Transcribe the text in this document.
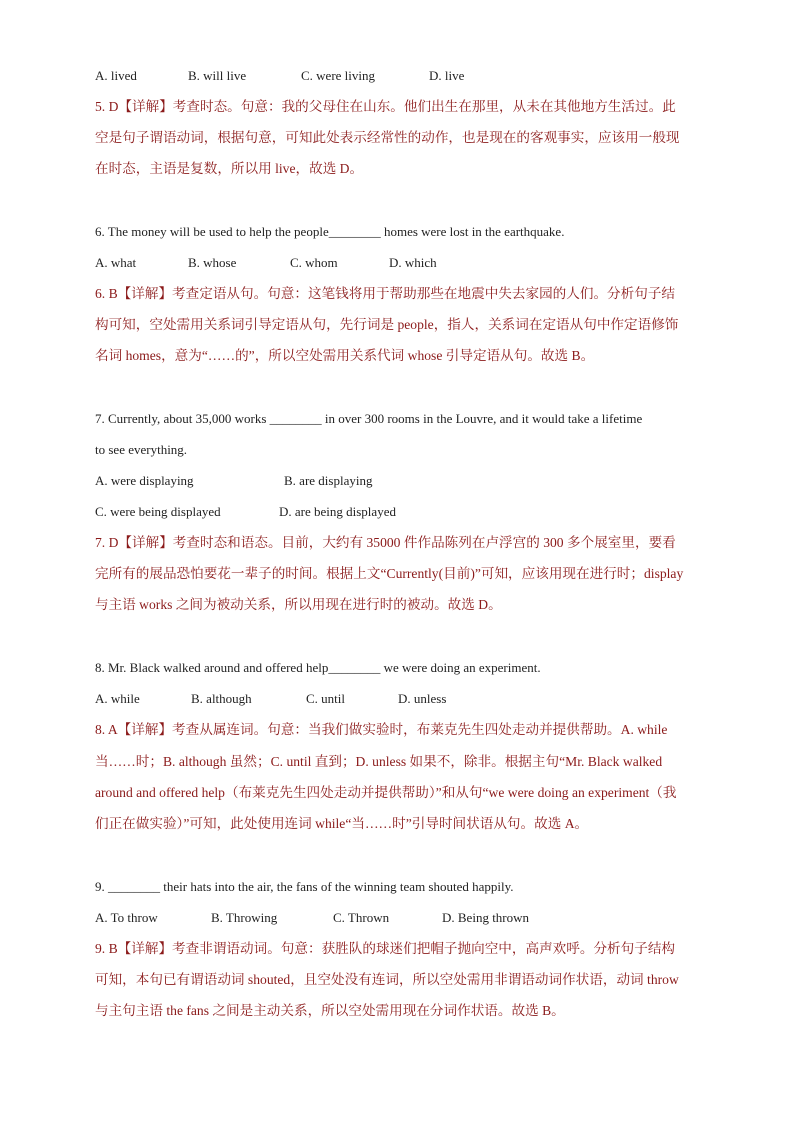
A. lived	B. will live	C. were living	D. live
5. D【详解】考查时态。句意：我的父母住在山东。他们出生在那里，从未在其他地方生活过。此
空是句子谓语动词，根据句意，可知此处表示经常性的动作，也是现在的客观事实，应该用一般现
在时态，主语是复数，所以用 live，故选 D。
6. The money will be used to help the people________ homes were lost in the earthquake.
A. what	B. whose	C. whom	D. which
6. B【详解】考查定语从句。句意：这笔钱将用于帮助那些在地震中失去家园的人们。分析句子结
构可知，空处需用关系词引导定语从句，先行词是 people，指人，关系词在定语从句中作定语修饰
名词 homes，意为“……的”，所以空处需用关系代词 whose 引导定语从句。故选 B。
7. Currently, about 35,000 works ________ in over 300 rooms in the Louvre, and it would take a lifetime
to see everything.
A. were displaying	B. are displaying
C. were being displayed	D. are being displayed
7. D【详解】考查时态和语态。目前，大约有 35000 件作品陈列在卢浮宫的 300 多个展室里，要看
完所有的展品恐怕要花一辈子的时间。根据上文“Currently(目前)”可知，应该用现在进行时；display
与主语 works 之间为被动关系，所以用现在进行时的被动。故选 D。
8. Mr. Black walked around and offered help________ we were doing an experiment.
A. while	B. although	C. until	D. unless
8. A【详解】考查从属连词。句意：当我们做实验时，布莱克先生四处走动并提供帮助。A. while
当……时；B. although 虽然；C. until 直到；D. unless 如果不，除非。根据主句“Mr. Black walked
around and offered help（布莱克先生四处走动并提供帮助）”和从句“we were doing an experiment（我
们正在做实验）”可知，此处使用连词 while“当……时”引导时间状语从句。故选 A。
9. ________ their hats into the air, the fans of the winning team shouted happily.
A. To throw	B. Throwing	C. Thrown	D. Being thrown
9. B【详解】考查非谓语动词。句意：获胜队的球迷们把帽子抛向空中，高声欢呼。分析句子结构
可知，本句已有谓语动词 shouted，且空处没有连词，所以空处需用非谓语动词作状语，动词 throw
与主句主语 the fans 之间是主动关系，所以空处需用现在分词作状语。故选 B。
